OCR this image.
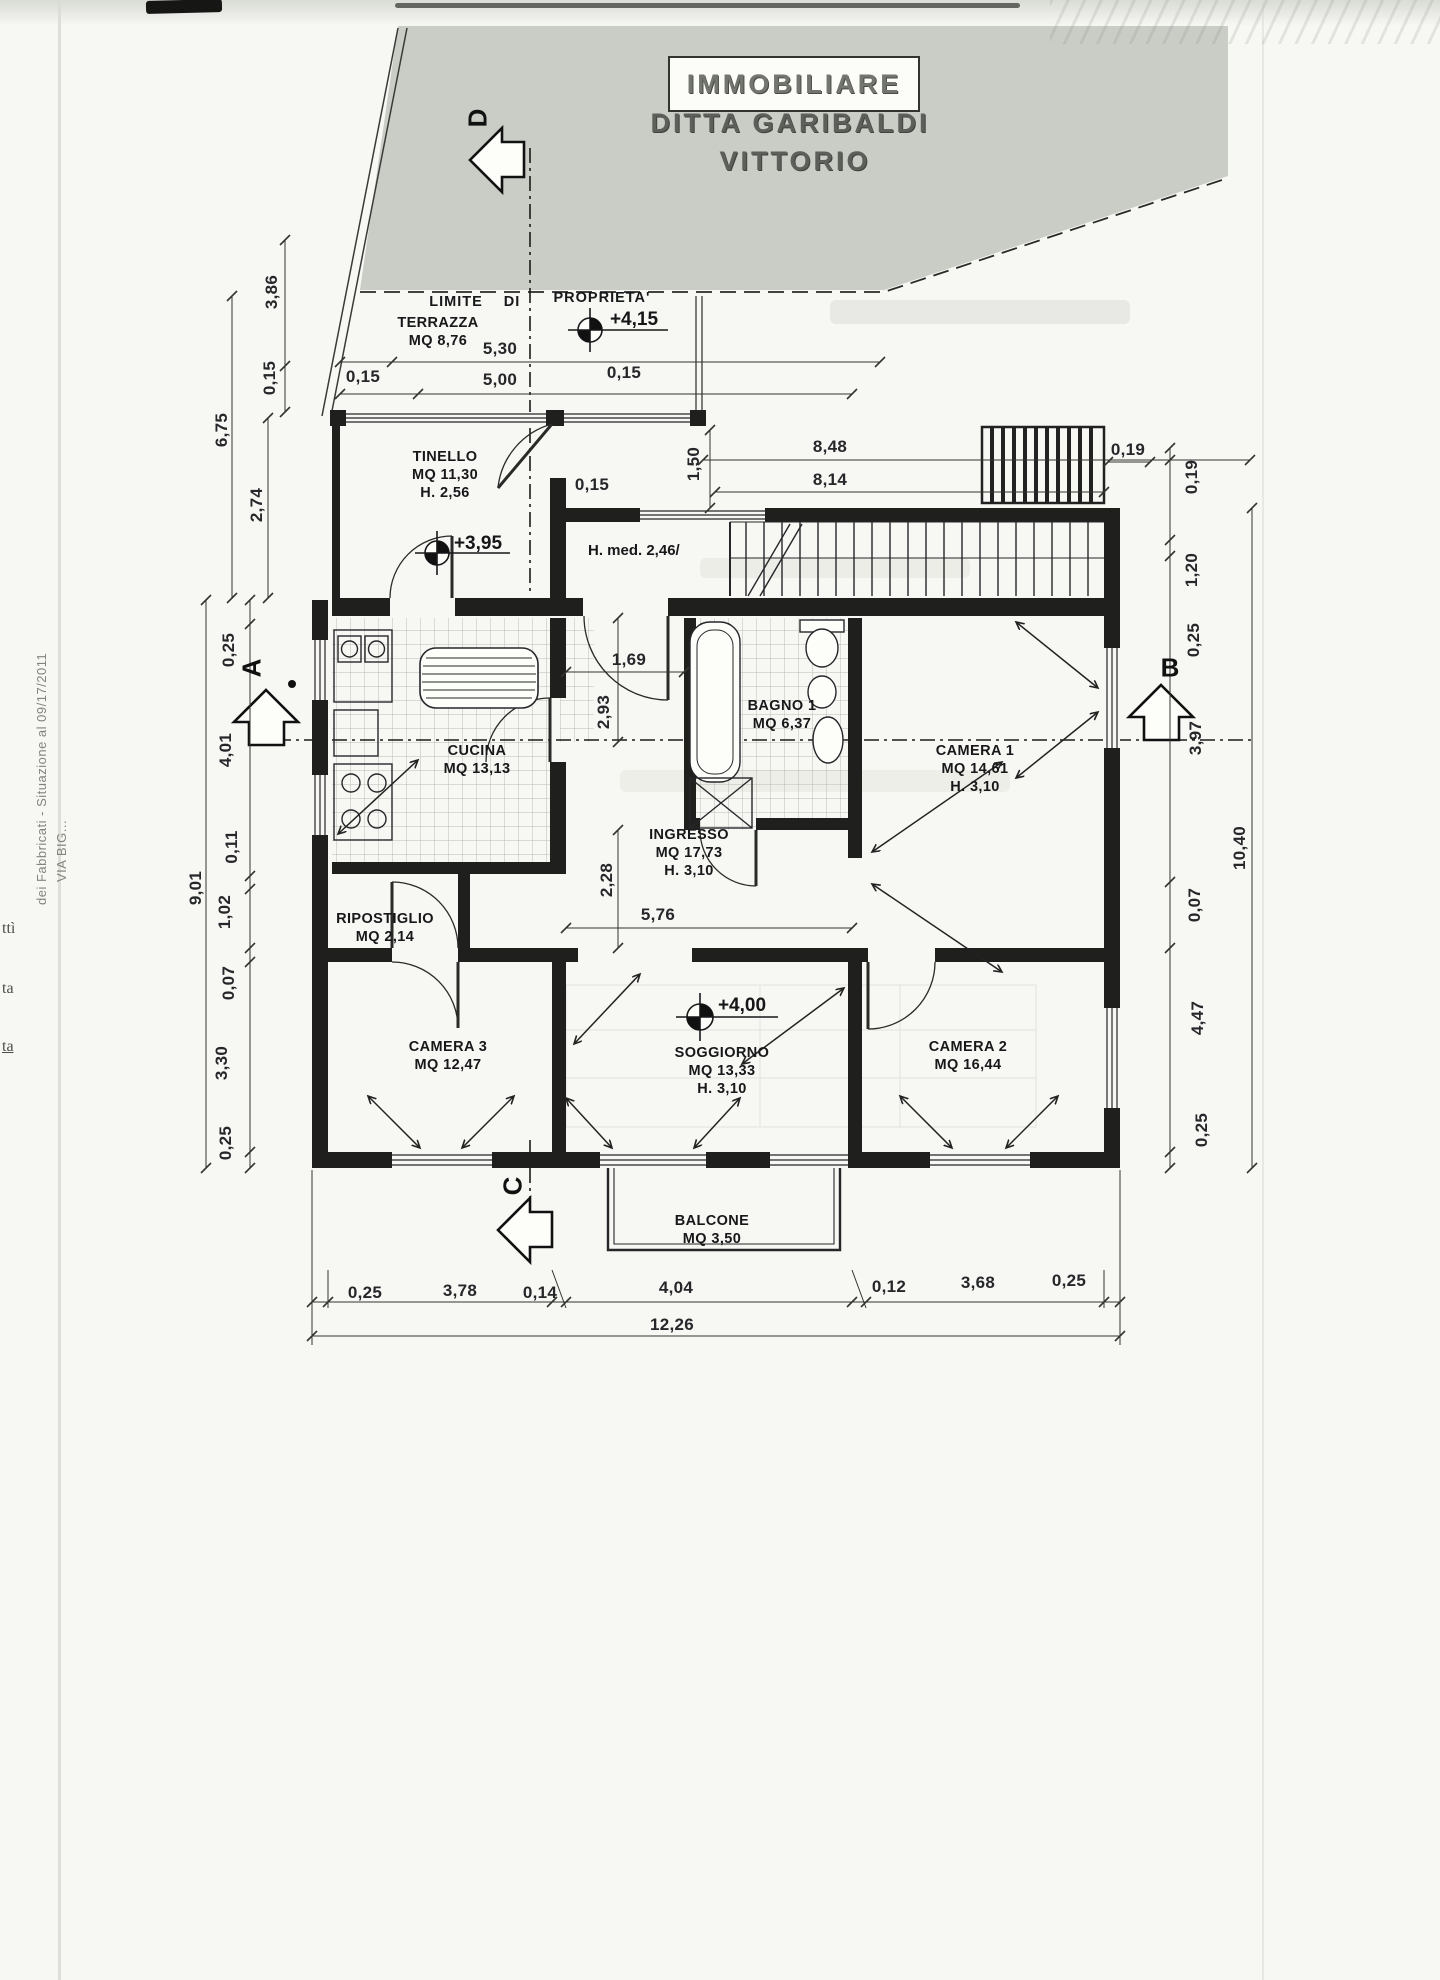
IMMOBILIARE
DITTA GARIBALDI
VITTORIO
LIMITE DI PROPRIETA'
H. med. 2,46/
A	B
C
D
dei Fabbricati - Situazione al 09/17/2011 VIA BIG...
ttì
ta
ta
TERRAZZA
MQ 8,76
TINELLO
MQ 11,30
H. 2,56
CUCINA
MQ 13,13
BAGNO 1
MQ 6,37
CAMERA 1
MQ 14,61
H. 3,10
INGRESSO
MQ 17,73
H. 3,10
RIPOSTIGLIO
MQ 2,14
CAMERA 3
MQ 12,47
SOGGIORNO
MQ 13,33
H. 3,10
CAMERA 2
MQ 16,44
BALCONE
MQ 3,50
3,86
0,15
6,75
2,74
0,15
5,30
5,00	0,15
0,15
1,50
8,48
8,14
0,19
0,19
1,20
0,25
3,97
10,40
0,07
4,47
0,25
0,25
4,01
0,11
1,02
0,07
9,01
3,30
0,25
1,69
2,93
2,28
5,76
0,25	3,78	0,14	4,04	0,12	3,68	0,25
12,26
+4,15
+3,95
+4,00
